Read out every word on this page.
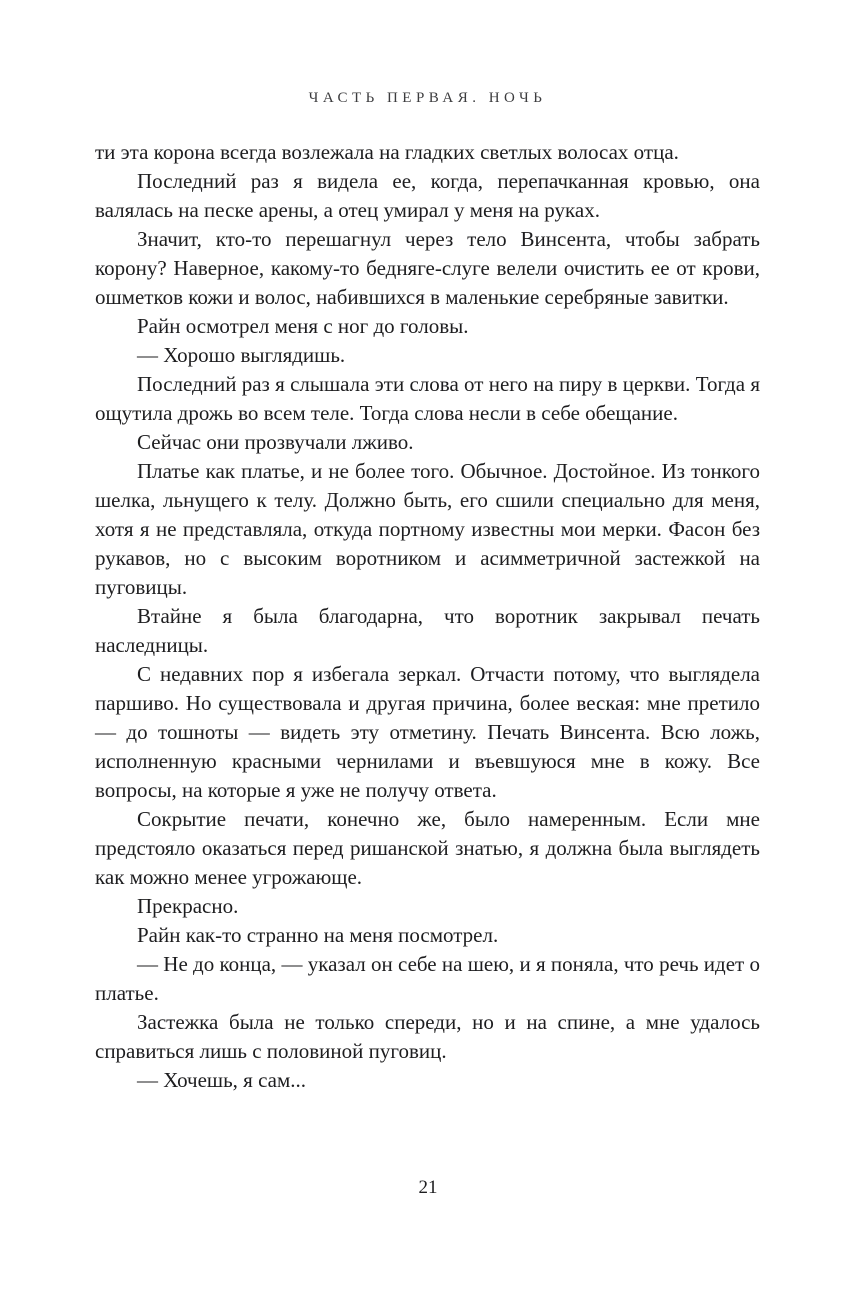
ЧАСТЬ ПЕРВАЯ. НОЧЬ

ти эта корона всегда возлежала на гладких светлых волосах отца.

Последний раз я видела ее, когда, перепачканная кровью, она валялась на песке арены, а отец умирал у меня на руках.

Значит, кто-то перешагнул через тело Винсента, чтобы забрать корону? Наверное, какому-то бедняге-слуге велели очистить ее от крови, ошметков кожи и волос, набившихся в маленькие серебряные завитки.

Райн осмотрел меня с ног до головы.

— Хорошо выглядишь.

Последний раз я слышала эти слова от него на пиру в церкви. Тогда я ощутила дрожь во всем теле. Тогда слова несли в себе обещание.

Сейчас они прозвучали лживо.

Платье как платье, и не более того. Обычное. Достойное. Из тонкого шелка, льнущего к телу. Должно быть, его сшили специально для меня, хотя я не представляла, откуда портному известны мои мерки. Фасон без рукавов, но с высоким воротником и асимметричной застежкой на пуговицы.

Втайне я была благодарна, что воротник закрывал печать наследницы.

С недавних пор я избегала зеркал. Отчасти потому, что выглядела паршиво. Но существовала и другая причина, более веская: мне претило — до тошноты — видеть эту отметину. Печать Винсента. Всю ложь, исполненную красными чернилами и въевшуюся мне в кожу. Все вопросы, на которые я уже не получу ответа.

Сокрытие печати, конечно же, было намеренным. Если мне предстояло оказаться перед ришанской знатью, я должна была выглядеть как можно менее угрожающе.

Прекрасно.

Райн как-то странно на меня посмотрел.

— Не до конца, — указал он себе на шею, и я поняла, что речь идет о платье.

Застежка была не только спереди, но и на спине, а мне удалось справиться лишь с половиной пуговиц.

— Хочешь, я сам...

21
